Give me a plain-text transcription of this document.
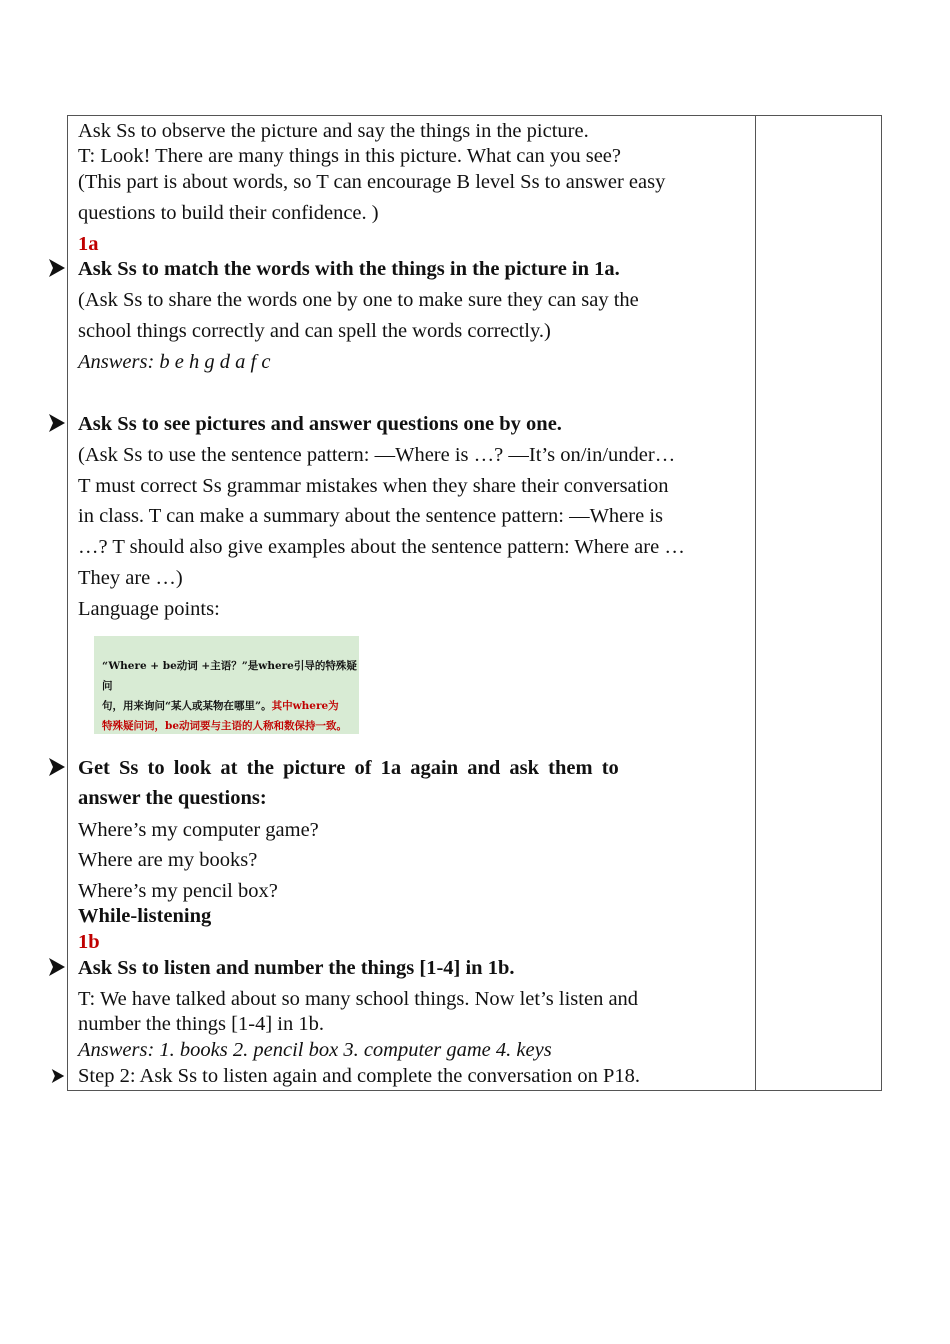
Ask Ss to observe the picture and say the things in the picture.
T: Look! There are many things in this picture. What can you see?
(This part is about words, so T can encourage B level Ss to answer easy
questions to build their confidence. )
1a
Ask Ss to match the words with the things in the picture in 1a.
(Ask Ss to share the words one by one to make sure they can say the
school things correctly and can spell the words correctly.)
Answers: b e h g d a f c
Ask Ss to see pictures and answer questions one by one.
(Ask Ss to use the sentence pattern: —Where is …? —It’s on/in/under…
T must correct Ss grammar mistakes when they share their conversation
in class. T can make a summary about the sentence pattern: —Where is
…? T should also give examples about the sentence pattern: Where are …
They are …)
Language points:
“Where + be动词 +主语？”是where引导的特殊疑问
句，用来询问“某人或某物在哪里”。其中where为
特殊疑问词，be动词要与主语的人称和数保持一致。
Get Ss to look at the picture of 1a again and ask them to
answer the questions:
Where’s my computer game?
Where are my books?
Where’s my pencil box?
While-listening
1b
Ask Ss to listen and number the things [1-4] in 1b.
T: We have talked about so many school things. Now let’s listen and
number the things [1-4] in 1b.
Answers: 1. books 2. pencil box 3. computer game 4. keys
Step 2: Ask Ss to listen again and complete the conversation on P18.
